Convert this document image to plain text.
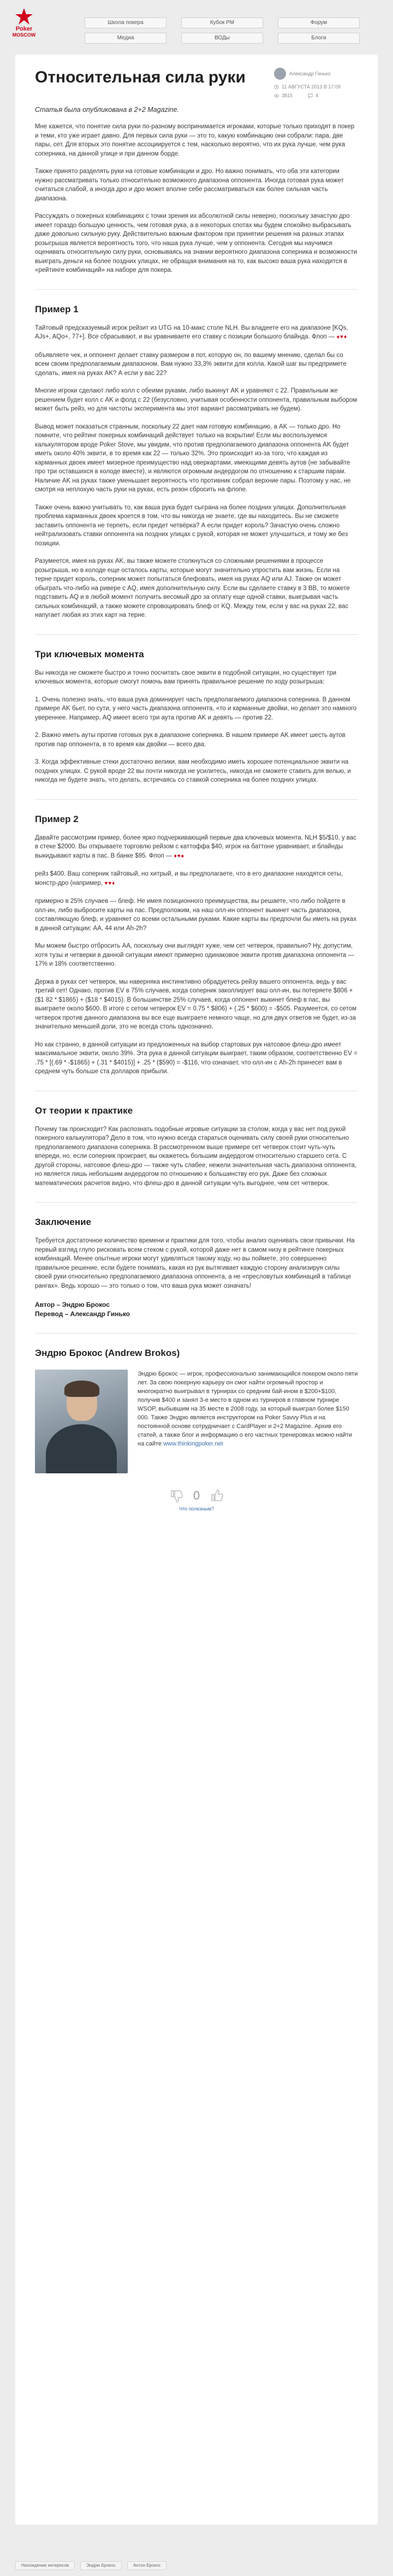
Poker
MOSCOW
Школа покера	Кубок РМ	Форум
Медиа	ВОДы	Блоги
Относительная сила руки	Александр Гинько
11 АВГУСТА 2013 В 17:09
3815	4
Статья была опубликована в 2+2 Magazine.

Мне кажется, что понятие сила руки по-разному воспринимается игроками, которые только приходят в покер и теми, кто уже играет давно. Для первых сила руки — это то, какую комбинацию они собрали: пара, две пары, сет. Для вторых это понятие ассоциируется с тем, насколько вероятно, что их рука лучше, чем рука соперника, на данной улице и при данном борде.

Также принято разделять руки на готовые комбинации и дро. Но важно понимать, что оба эти категории нужно рассматривать только относительно возможного диапазона оппонента. Иногда готовая рука может считаться слабой, а иногда дро и дро может вполне себе рассматриваться как более сильная часть диапазона.

Рассуждать о покерных комбинациях с точки зрения их абсолютной силы неверно, поскольку зачастую дро имеет гораздо большую ценность, чем готовая рука, а в некоторых спотах мы будем спокойно выбрасывать даже довольно сильную руку. Действительно важным фактором при принятии решения на разных этапах розыгрыша является вероятность того, что наша рука лучше, чем у оппонента. Сегодня мы научимся оценивать относительную силу руки, основываясь на знании вероятного диапазона соперника и возможности выиграть деньги на более поздних улицах, не обращая внимания на то, как высоко ваша рука находится в «рейтинге комбинаций» на наборе для покера.

Пример 1

Тайтовый предсказуемый игрок рейзит из UTG на 10-макс столе NLH. Вы владеете его на диапазоне [KQs, AJs+, AQo+, 77+]. Все сбрасывают, и вы уравниваете его ставку с позиции большого блайнда. Флоп — ♠♥♦

объявляете чек, и оппонент делает ставку размером в пот, которую он, по вашему мнению, сделал бы со всем своим предполагаемым диапазоном. Вам нужно 33,3% эквити для колла. Какой шаг вы предпримете сделать, имея на руках AK? А если у вас 22?

Многие игроки сделают либо колл с обеими руками, либо выкинут AK и уравняют с 22. Правильным же решением будет колл с AK и фолд с 22 (безусловно, учитывая особенности оппонента, правильным выбором может быть рейз, но для чистоты эксперимента мы этот вариант рассматривать не будем).

Вывод может показаться странным, поскольку 22 дает нам готовую комбинацию, а AK — только дро. Но помните, что рейтинг покерных комбинаций действует только на вскрытии! Если мы воспользуемся калькулятором вроде Poker Stove, мы увидим, что против предполагаемого диапазона оппонента AK будет иметь около 40% эквити, в то время как 22 — только 32%. Это происходит из-за того, что каждая из карманных двоек имеет мизерное преимущество над оверкартами, имеющими девять аутов (не забывайте про три оставшихся в колоде вместе), и являются огромным андердогом по отношению к старшим парам. Наличие AK на руках также уменьшает вероятность что противник собрал верхние пары. Поэтому у нас, не смотря на неплохую часть руки на руках, есть резон сбросить на флопе.

Также очень важно учитывать то, как ваша рука будет сыграна на более поздних улицах. Дополнительная проблема карманных двоек кроется в том, что вы никогда не знаете, где вы находитесь. Вы не сможете заставить оппонента не терпеть, если предет четвёрка? А если придет король? Зачастую очень сложно нейтрализовать ставки оппонента на поздних улицах с рукой, которая не может улучшиться, и тому же без позиции.

Разумеется, имея на руках AK, вы также можете столкнуться со сложными решениями в процессе розыгрыша, но в колоде еще осталось карты, которые могут значительно упростить вам жизнь. Если на терне придет король, соперник может попытаться блефовать, имея на руках AQ или AJ. Также он может обыграть что-либо на ривере с AQ, имея дополнительную силу. Если вы сделаете ставку в 3 BB, то можете подставить AQ и в любой момент получить весомый дро за оплату еще одной ставки, выигрывая часть сильных комбинаций, а также можете спровоцировать блеф от KQ. Между тем, если у вас на руках 22, вас напугает любая из этих карт на терне.

Три ключевых момента

Вы никогда не сможете быстро и точно посчитать свое эквити в подобной ситуации, но существует три ключевых момента, которые смогут помочь вам принять правильное решение по ходу розыгрыша:

1. Очень полезно знать, что ваша рука доминирует часть предполагаемого диапазона соперника. В данном примере AK бьет, по сути, у него часть диапазона оппонента, «то и карманные двойки, но делает это намного увереннее. Например, AQ имеет всего три аута против AK и девять — против 22.

2. Важно иметь ауты против готовых рук в диапазоне соперника. В нашем примере AK имеет шесть аутов против пар оппонента, в то время как двойки — всего два.

3. Когда эффективные стеки достаточно велики, вам необходимо иметь хорошее потенциальное эквити на поздних улицах. С рукой вроде 22 вы почти никогда не усилитесь, никогда не сможете ставить для велью, и никогда не будете знать, что делать, встречаясь со ставкой соперника на более поздних улицах.

Пример 2

Давайте рассмотрим пример, более ярко подчеркивающий первые два ключевых момента. NLH $5/$10, у вас в стеке $2000. Вы открываете торговлю рейзом с каттоффа $40, игрок на баттоне уравнивает, и блайнды выкидывают карты в пас. В банке $95. Флоп — ♦♥♠

рейз $400. Ваш соперник тайтовый, но хитрый, и вы предполагаете, что в его диапазоне находятся сеты, монстр-дро (например, ♥♥♦

примерно в 25% случаев — блеф. Не имея позиционного преимущества, вы решаете, что либо пойдете в олл-ин, либо выбросите карты на пас. Предположим, на наш олл-ин оппонент выкинет часть диапазона, составляющую блеф, и уравняет со всеми остальными руками. Какие карты вы предпочли бы иметь на руках в данной ситуации: AA, 44 или Ah-2h?

Мы можем быстро отбросить AA, поскольку они выглядят хуже, чем сет четверок, правильно? Ну, допустим, хотя тузы и четверки в данной ситуации имеют примерно одинаковое эквити против диапазона оппонента — 17% и 18% соответственно.

Держа в руках сет четверок, мы наверняка инстинктивно обрадуетесь рейзу вашего оппонента, ведь у вас третий сет! Однако, против EV в 75% случаев, когда соперник заколлирует ваш олл-ин, вы потеряете $806 + ($1 82 * $1865) + ($18 * $4015). В большинстве 25% случаев, когда оппонент выкинет блеф в пас, вы выиграете около $600. В итоге с сетом четверок EV = 0.75 * $806) + (.25 * $600) = -$505. Разумеется, со сетом четверок против данного диапазона вы все еще выиграете немного чаще, но для двух ответов не будет, из-за значительно меньшей доли, это не всегда столь однозначно.

Но как странно, в данной ситуации из предложенных на выбор стартовых рук натсовое флеш-дро имеет максимальное эквити, около 39%. Эта рука в данной ситуации выиграет, таким образом, соответственно EV = .75 * [(.69 * -$1865) + (.31 * $4015)] + .25 * ($590) = -$116, что означает, что олл-ин с Ah-2h принесет вам в среднем чуть больше ста долларов прибыли.

От теории к практике

Почему так происходит? Как распознать подобные игровые ситуации за столом, когда у вас нет под рукой покерного калькулятора? Дело в том, что нужно всегда стараться оценивать силу своей руки относительно предполагаемого диапазона соперника. В рассмотренном выше примере сет четверок стоит чуть-чуть впереди, но, если соперник проиграет, вы окажетесь большим андердогом относительно старшего сета. С другой стороны, натсовое флеш-дро — также чуть слабее, нежели значительная часть диапазона оппонента, но является лишь небольшим андердогом по отношению к большинству его рук. Даже без сложных математических расчетов видно, что флеш-дро в данной ситуации чуть выгоднее, чем сет четверок.

Заключение

Требуется достаточное количество времени и практики для того, чтобы анализ оценивать свои привычки. На первый взгляд глупо рисковать всем стеком с рукой, которой даже нет в самом низу в рейтинге покерных комбинаций. Менее опытные игроки могут удивляться такому ходу, но вы поймете, это совершенно правильное решение, если будете понимать, какая из рук вытягивает каждую сторону анализируя силы своей руки относительно предполагаемого диапазона оппонента, а не «пресловутых комбинаций в таблице рангах». Ведь хорошо — это только о том, что ваша рука может означать!

Автор – Эндрю Брокос
Перевод – Александр Гинько
Эндрю Брокос (Andrew Brokos)
Эндрю Брокос — игрок, профессионально занимающийся покером около пяти лет. За свою покерную карьеру он смог найти огромный простор и многократно выигрывал в турнирах со средним бай-ином в $200+$100, получив $400 и занял 3-е место в одном из турниров в главном турнире WSOP, выбывшим на 35 месте в 2008 году, за который выиграл более $150 000. Также Эндрю является инструктором на Poker Savvy Plus и на постоянной основе сотрудничает с CardPlayer и 2+2 Magazine. Архив его статей, а также блог и информацию о его частных тренировках можно найти на сайте www.thinkingpoker.net
0
Что полезным?
Нахождение интересов	Эндрю Брокос	Антон Брокос
